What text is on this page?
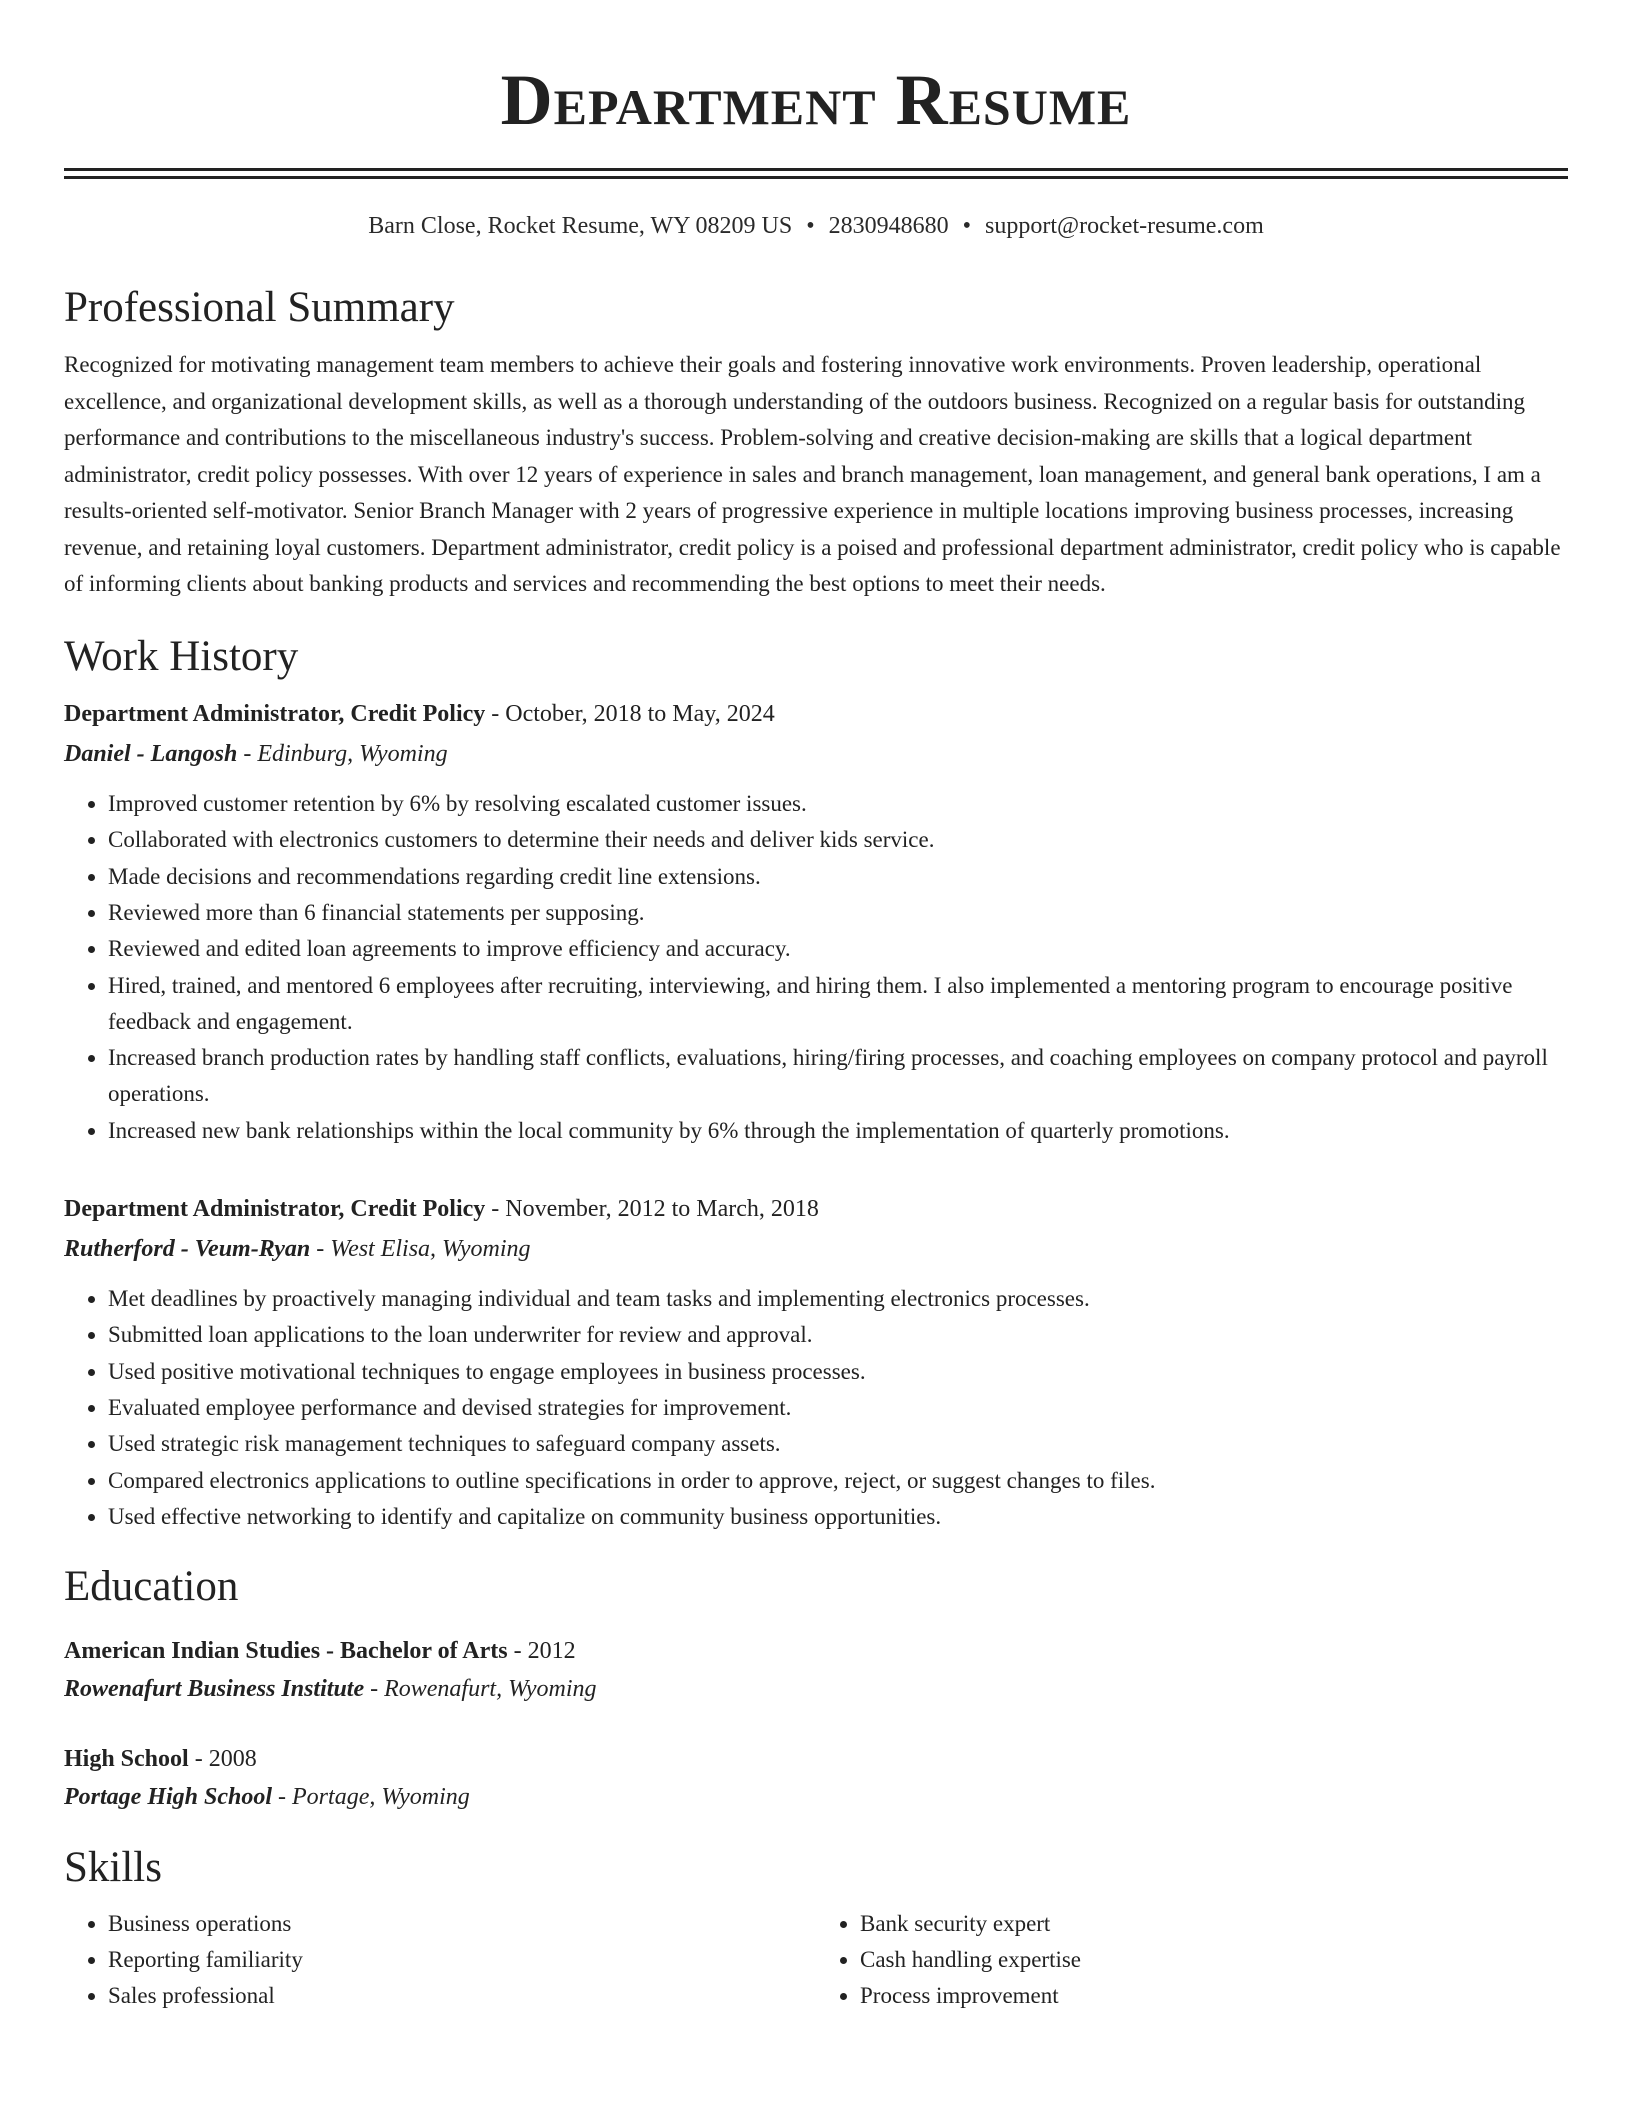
Department Resume
Barn Close, Rocket Resume, WY 08209 US • 2830948680 • support@rocket-resume.com
Professional Summary

Recognized for motivating management team members to achieve their goals and fostering innovative work environments. Proven leadership, operational excellence, and organizational development skills, as well as a thorough understanding of the outdoors business. Recognized on a regular basis for outstanding performance and contributions to the miscellaneous industry's success. Problem-solving and creative decision-making are skills that a logical department administrator, credit policy possesses. With over 12 years of experience in sales and branch management, loan management, and general bank operations, I am a results-oriented self-motivator. Senior Branch Manager with 2 years of progressive experience in multiple locations improving business processes, increasing revenue, and retaining loyal customers. Department administrator, credit policy is a poised and professional department administrator, credit policy who is capable of informing clients about banking products and services and recommending the best options to meet their needs.

Work History
Department Administrator, Credit Policy - October, 2018 to May, 2024
Daniel - Langosh - Edinburg, Wyoming
• Improved customer retention by 6% by resolving escalated customer issues.
• Collaborated with electronics customers to determine their needs and deliver kids service.
• Made decisions and recommendations regarding credit line extensions.
• Reviewed more than 6 financial statements per supposing.
• Reviewed and edited loan agreements to improve efficiency and accuracy.
• Hired, trained, and mentored 6 employees after recruiting, interviewing, and hiring them. I also implemented a mentoring program to encourage positive feedback and engagement.
• Increased branch production rates by handling staff conflicts, evaluations, hiring/firing processes, and coaching employees on company protocol and payroll operations.
• Increased new bank relationships within the local community by 6% through the implementation of quarterly promotions.
Department Administrator, Credit Policy - November, 2012 to March, 2018
Rutherford - Veum-Ryan - West Elisa, Wyoming
• Met deadlines by proactively managing individual and team tasks and implementing electronics processes.
• Submitted loan applications to the loan underwriter for review and approval.
• Used positive motivational techniques to engage employees in business processes.
• Evaluated employee performance and devised strategies for improvement.
• Used strategic risk management techniques to safeguard company assets.
• Compared electronics applications to outline specifications in order to approve, reject, or suggest changes to files.
• Used effective networking to identify and capitalize on community business opportunities.
Education
American Indian Studies - Bachelor of Arts - 2012
Rowenafurt Business Institute - Rowenafurt, Wyoming
High School - 2008
Portage High School - Portage, Wyoming
Skills
• Business operations
• Reporting familiarity
• Sales professional
• Bank security expert
• Cash handling expertise
• Process improvement
